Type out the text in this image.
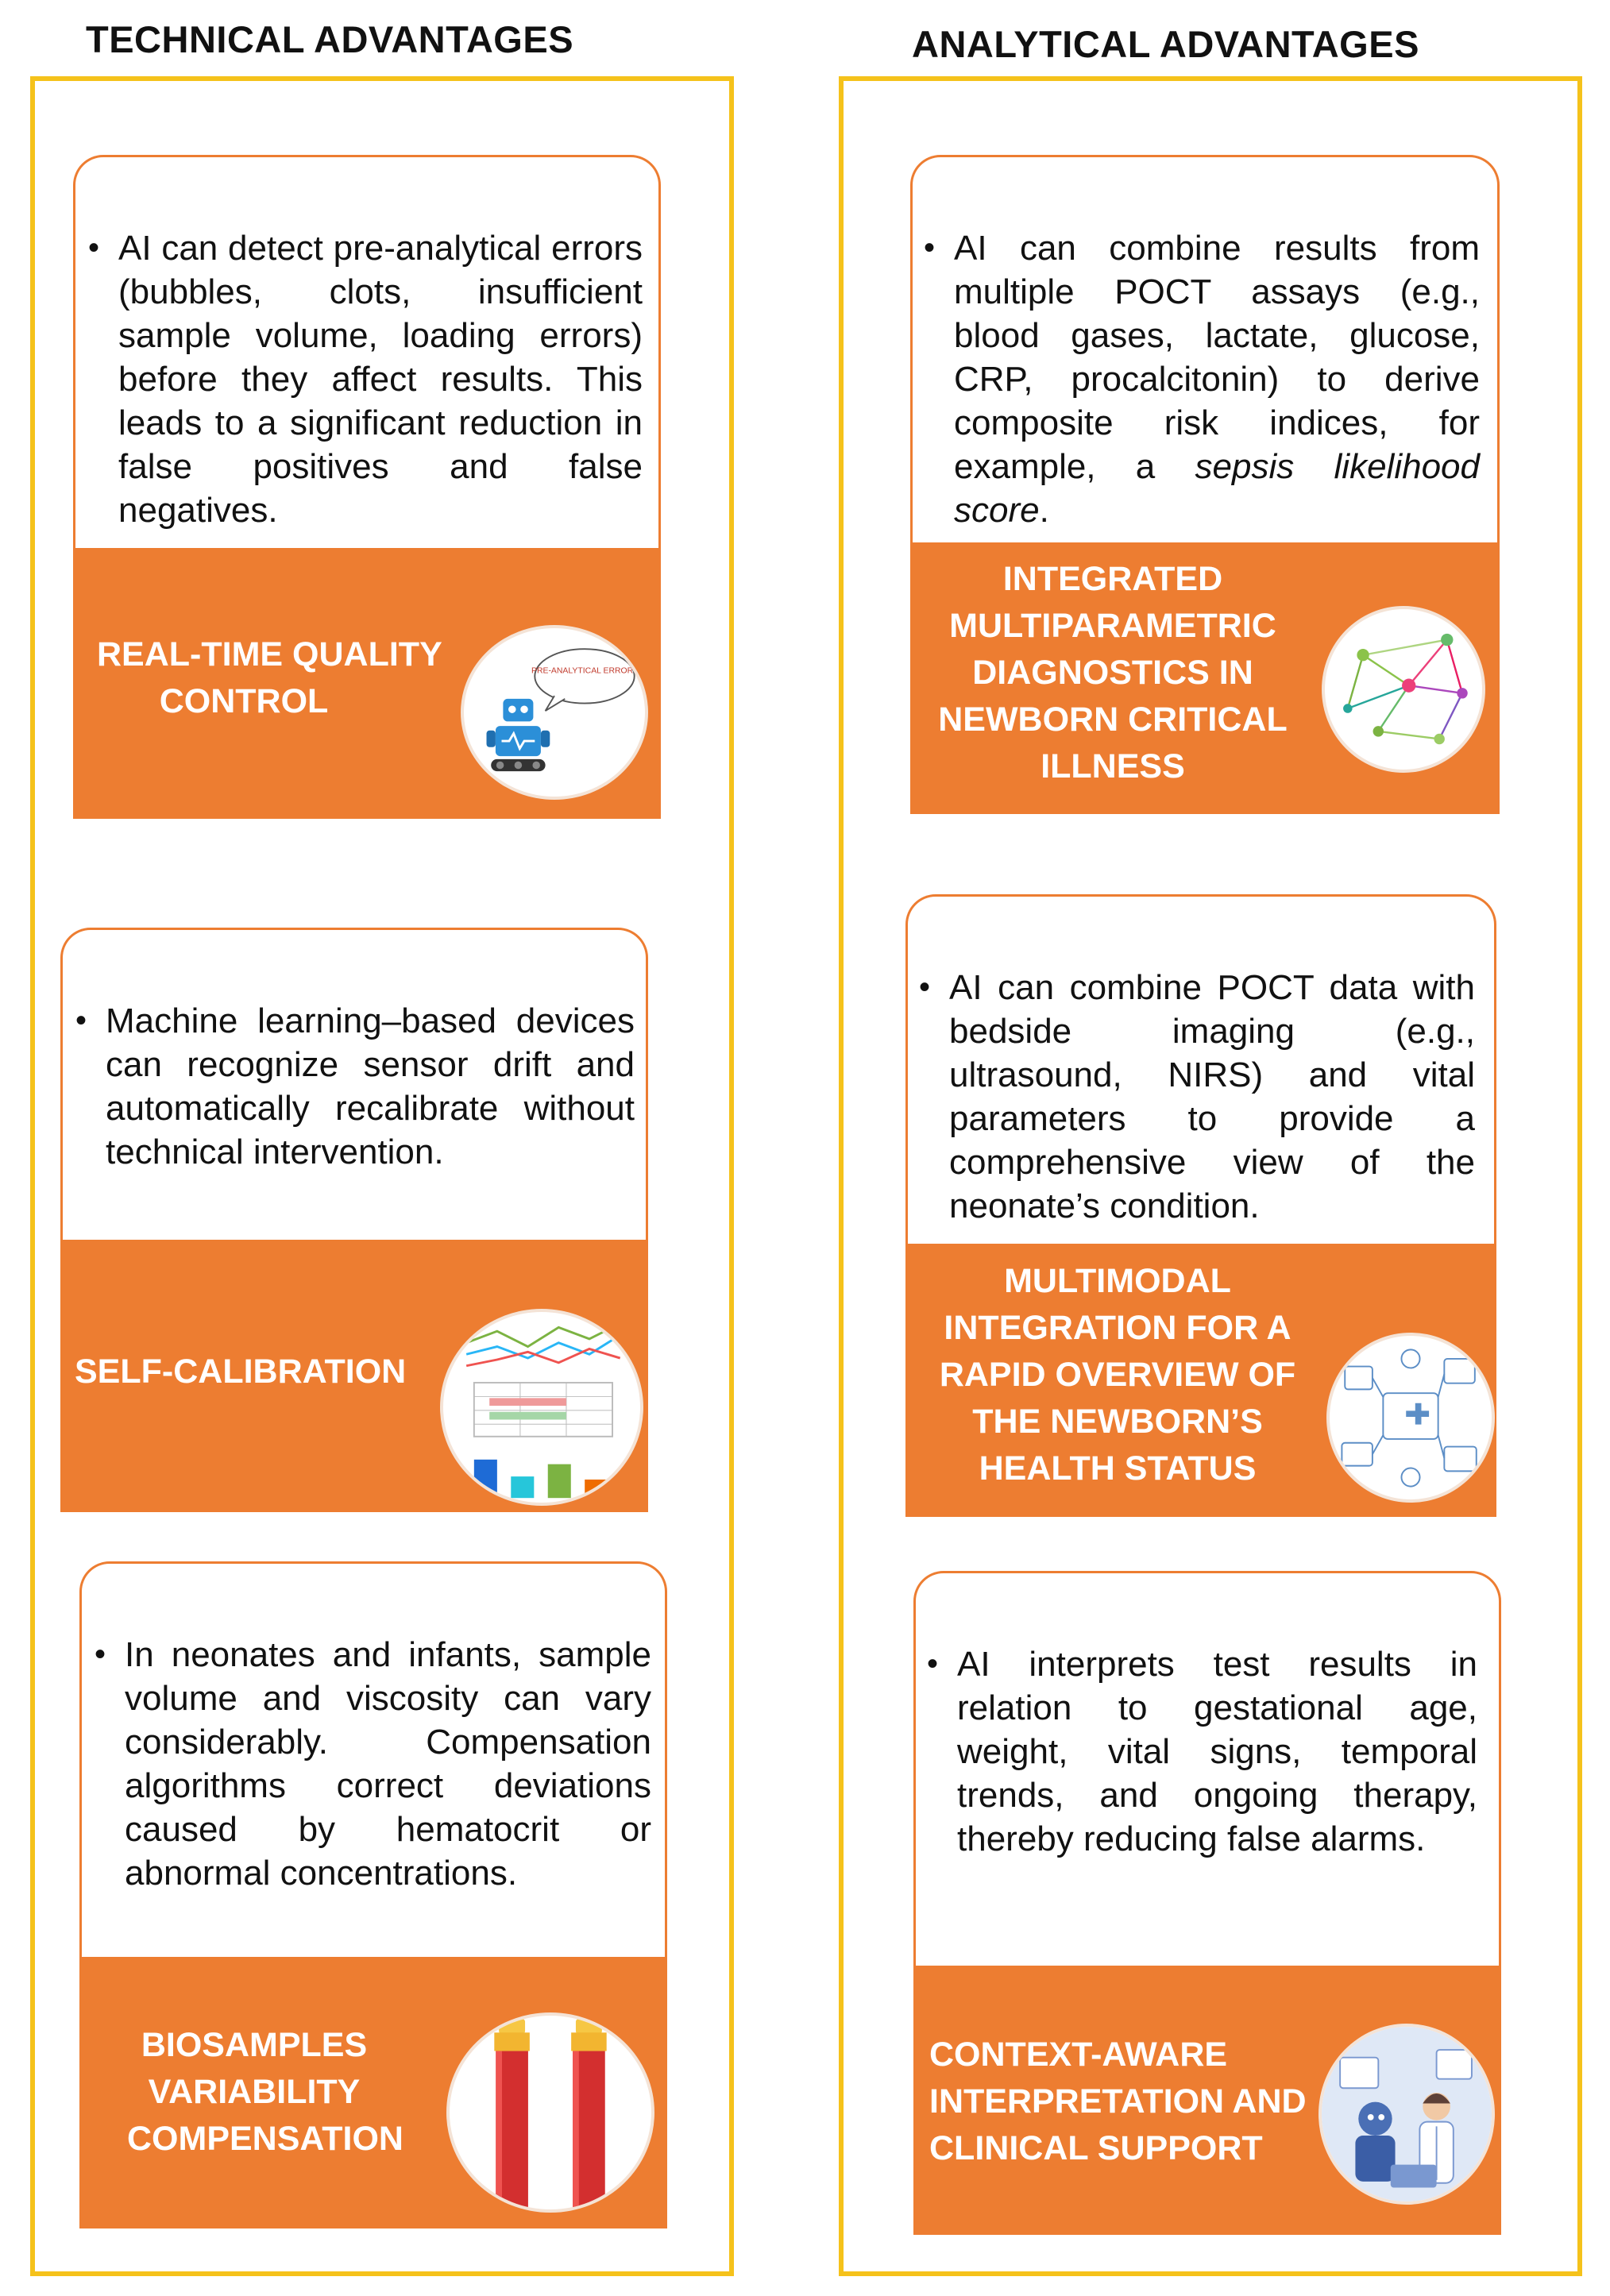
TECHNICAL ADVANTAGES	ANALYTICAL ADVANTAGES
• AI can detect pre-analytical errors (bubbles, clots, insufficient sample volume, loading errors) before they affect results. This leads to a significant reduction in false positives and false negatives.
REAL-TIME QUALITY
CONTROL
PRE-ANALYTICAL ERROR !
• Machine learning–based devices can recognize sensor drift and automatically recalibrate without technical intervention.
SELF-CALIBRATION
• In neonates and infants, sample volume and viscosity can vary considerably. Compensation algorithms correct deviations caused by hematocrit or abnormal concentrations.
BIOSAMPLES
VARIABILITY
COMPENSATION
• AI can combine results from multiple POCT assays (e.g., blood gases, lactate, glucose, CRP, procalcitonin) to derive composite risk indices, for example, a sepsis likelihood score.
INTEGRATED
MULTIPARAMETRIC
DIAGNOSTICS IN
NEWBORN CRITICAL
ILLNESS
• AI can combine POCT data with bedside imaging (e.g., ultrasound, NIRS) and vital parameters to provide a comprehensive view of the neonate’s condition.
MULTIMODAL
INTEGRATION FOR A
RAPID OVERVIEW OF
THE NEWBORN’S
HEALTH STATUS
• AI interprets test results in relation to gestational age, weight, vital signs, temporal trends, and ongoing therapy, thereby reducing false alarms.
CONTEXT-AWARE
INTERPRETATION AND
CLINICAL SUPPORT
